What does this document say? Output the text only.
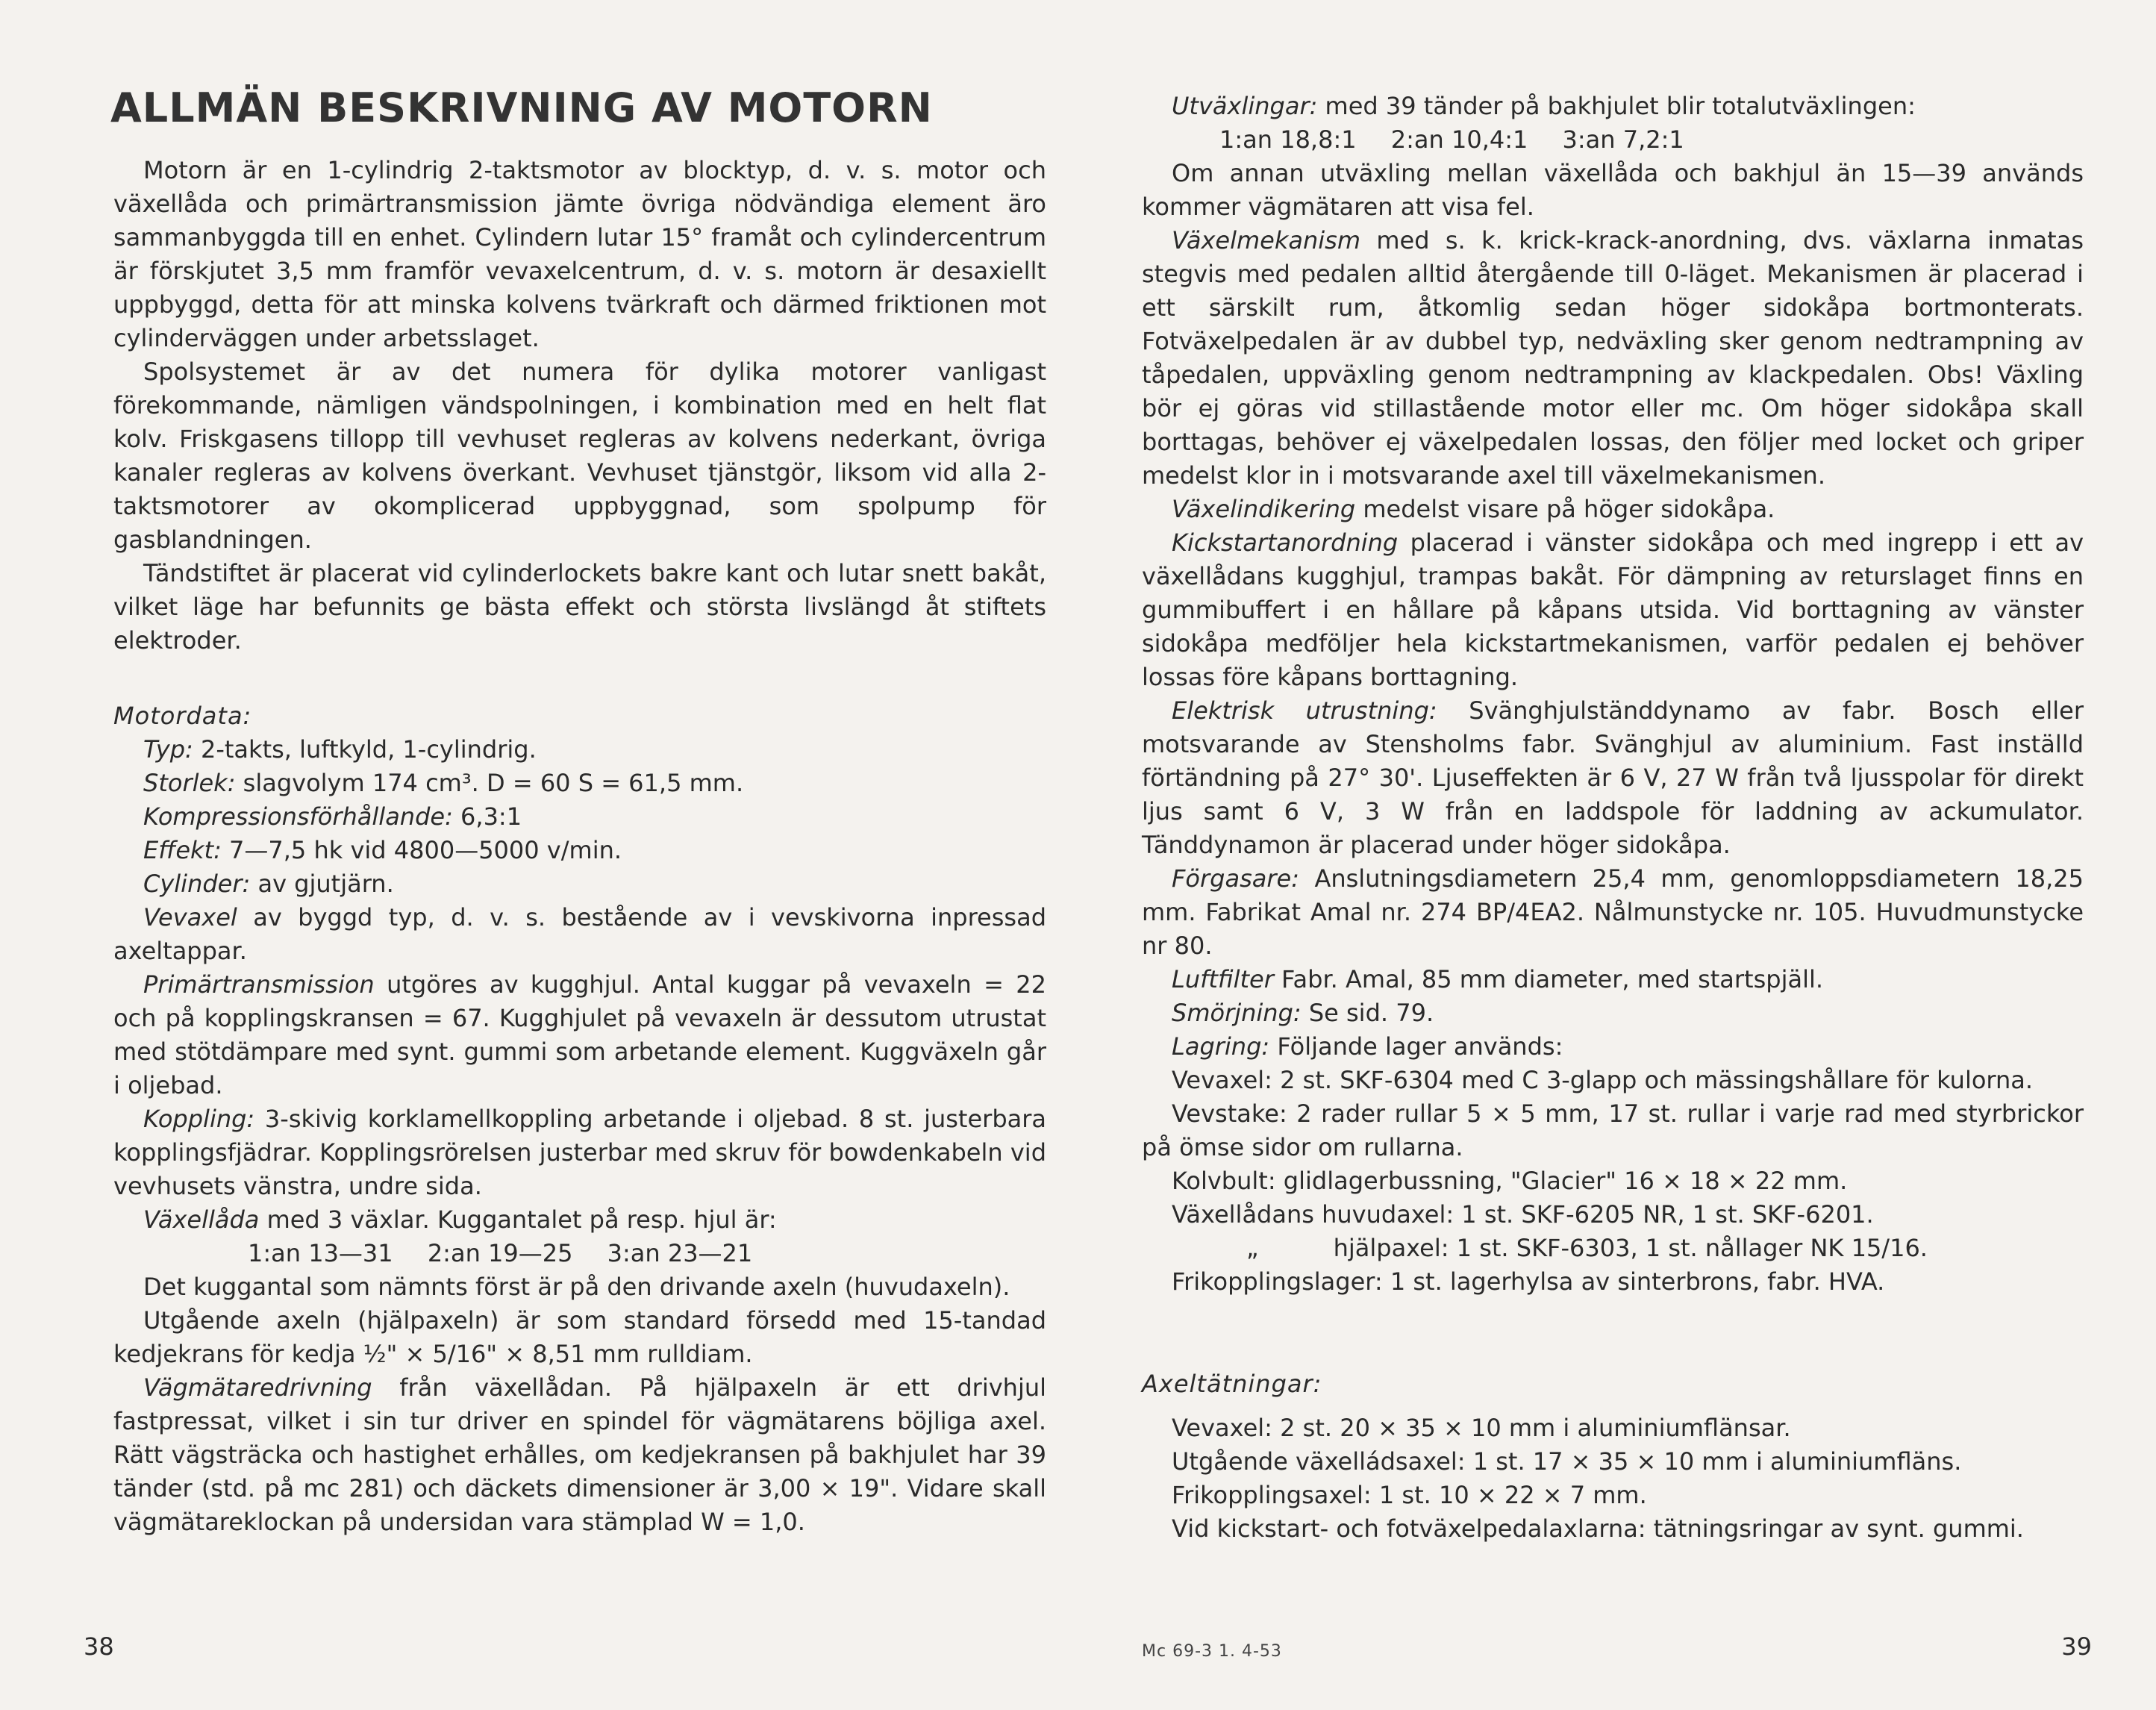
ALLMÄN BESKRIVNING AV MOTORN

Motorn är en 1-cylindrig 2-taktsmotor av blocktyp, d. v. s. motor och växellåda och primärtransmission jämte övriga nödvändiga element äro sammanbyggda till en enhet. Cylindern lutar 15° framåt och cylindercentrum är förskjutet 3,5 mm framför vevaxelcentrum, d. v. s. motorn är desaxiellt uppbyggd, detta för att minska kolvens tvärkraft och därmed friktionen mot cylinderväggen under arbetsslaget.

Spolsystemet är av det numera för dylika motorer vanligast förekommande, nämligen vändspolningen, i kombination med en helt flat kolv. Friskgasens tillopp till vevhuset regleras av kolvens nederkant, övriga kanaler regleras av kolvens överkant. Vevhuset tjänstgör, liksom vid alla 2-taktsmotorer av okomplicerad uppbyggnad, som spolpump för gasblandningen.

Tändstiftet är placerat vid cylinderlockets bakre kant och lutar snett bakåt, vilket läge har befunnits ge bästa effekt och största livslängd åt stiftets elektroder.

Motordata:

Typ: 2-takts, luftkyld, 1-cylindrig.

Storlek: slagvolym 174 cm³. D = 60 S = 61,5 mm.

Kompressionsförhållande: 6,3:1

Effekt: 7—7,5 hk vid 4800—5000 v/min.

Cylinder: av gjutjärn.

Vevaxel av byggd typ, d. v. s. bestående av i vevskivorna inpressad axeltappar.

Primärtransmission utgöres av kugghjul. Antal kuggar på vevaxeln = 22 och på kopplingskransen = 67. Kugghjulet på vevaxeln är dessutom utrustat med stötdämpare med synt. gummi som arbetande element. Kuggväxeln går i oljebad.

Koppling: 3-skivig korklamellkoppling arbetande i oljebad. 8 st. justerbara kopplingsfjädrar. Kopplingsrörelsen justerbar med skruv för bowdenkabeln vid vevhusets vänstra, undre sida.

Växellåda med 3 växlar. Kuggantalet på resp. hjul är:

1:an 13—31 2:an 19—25 3:an 23—21

Det kuggantal som nämnts först är på den drivande axeln (huvudaxeln).

Utgående axeln (hjälpaxeln) är som standard försedd med 15-tandad kedjekrans för kedja ½" × 5/16" × 8,51 mm rulldiam.

Vägmätaredrivning från växellådan. På hjälpaxeln är ett drivhjul fastpressat, vilket i sin tur driver en spindel för vägmätarens böjliga axel. Rätt vägsträcka och hastighet erhålles, om kedjekransen på bakhjulet har 39 tänder (std. på mc 281) och däckets dimensioner är 3,00 × 19". Vidare skall vägmätareklockan på undersidan vara stämplad W = 1,0.

38

Utväxlingar: med 39 tänder på bakhjulet blir totalutväxlingen:

1:an 18,8:1 2:an 10,4:1 3:an 7,2:1

Om annan utväxling mellan växellåda och bakhjul än 15—39 används kommer vägmätaren att visa fel.

Växelmekanism med s. k. krick-krack-anordning, dvs. växlarna inmatas stegvis med pedalen alltid återgående till 0-läget. Mekanismen är placerad i ett särskilt rum, åtkomlig sedan höger sidokåpa bortmonterats. Fotväxelpedalen är av dubbel typ, nedväxling sker genom nedtrampning av tåpedalen, uppväxling genom nedtrampning av klackpedalen. Obs! Växling bör ej göras vid stillastående motor eller mc. Om höger sidokåpa skall borttagas, behöver ej växelpedalen lossas, den följer med locket och griper medelst klor in i motsvarande axel till växelmekanismen.

Växelindikering medelst visare på höger sidokåpa.

Kickstartanordning placerad i vänster sidokåpa och med ingrepp i ett av växellådans kugghjul, trampas bakåt. För dämpning av returslaget finns en gummibuffert i en hållare på kåpans utsida. Vid borttagning av vänster sidokåpa medföljer hela kickstartmekanismen, varför pedalen ej behöver lossas före kåpans borttagning.

Elektrisk utrustning: Svänghjulständdynamo av fabr. Bosch eller motsvarande av Stensholms fabr. Svänghjul av aluminium. Fast inställd förtändning på 27° 30'. Ljuseffekten är 6 V, 27 W från två ljusspolar för direkt ljus samt 6 V, 3 W från en laddspole för laddning av ackumulator. Tänddynamon är placerad under höger sidokåpa.

Förgasare: Anslutningsdiametern 25,4 mm, genomloppsdiametern 18,25 mm. Fabrikat Amal nr. 274 BP/4EA2. Nålmunstycke nr. 105. Huvudmunstycke nr 80.

Luftfilter Fabr. Amal, 85 mm diameter, med startspjäll.

Smörjning: Se sid. 79.

Lagring: Följande lager används:

Vevaxel: 2 st. SKF-6304 med C 3-glapp och mässingshållare för kulorna.

Vevstake: 2 rader rullar 5 × 5 mm, 17 st. rullar i varje rad med styrbrickor på ömse sidor om rullarna.

Kolvbult: glidlagerbussning, "Glacier" 16 × 18 × 22 mm.

Växellådans huvudaxel: 1 st. SKF-6205 NR, 1 st. SKF-6201.

„	hjälpaxel: 1 st. SKF-6303, 1 st. nållager NK 15/16.

Frikopplingslager: 1 st. lagerhylsa av sinterbrons, fabr. HVA.

Axeltätningar:

Vevaxel: 2 st. 20 × 35 × 10 mm i aluminiumflänsar.

Utgående växelládsaxel: 1 st. 17 × 35 × 10 mm i aluminiumfläns.

Frikopplingsaxel: 1 st. 10 × 22 × 7 mm.

Vid kickstart- och fotväxelpedalaxlarna: tätningsringar av synt. gummi.

Mc 69-3 1. 4-53	39
